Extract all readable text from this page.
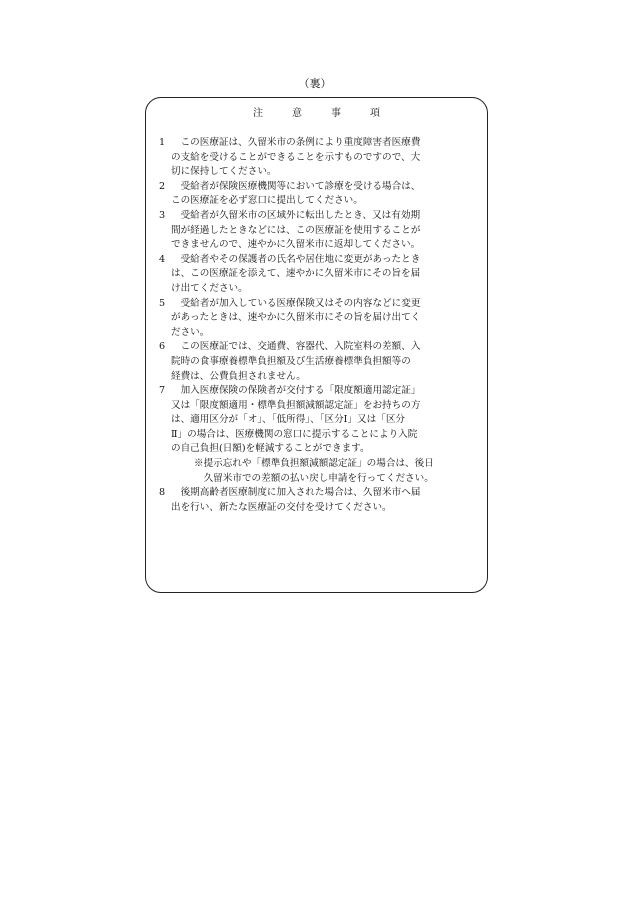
（裏）
注意事項
1	　この医療証は、久留米市の条例により重度障害者医療費
の支給を受けることができることを示すものですので、大
切に保持してください。
2	　受給者が保険医療機関等において診療を受ける場合は、
この医療証を必ず窓口に提出してください。
3	　受給者が久留米市の区域外に転出したとき、又は有効期
間が経過したときなどには、この医療証を使用することが
できませんので、速やかに久留米市に返却してください。
4	　受給者やその保護者の氏名や居住地に変更があったとき
は、この医療証を添えて、速やかに久留米市にその旨を届
け出てください。
5	　受給者が加入している医療保険又はその内容などに変更
があったときは、速やかに久留米市にその旨を届け出てく
ださい。
6	　この医療証では、交通費、容器代、入院室料の差額、入
院時の食事療養標準負担額及び生活療養標準負担額等の
経費は、公費負担されません。
7	　加入医療保険の保険者が交付する「限度額適用認定証」
又は「限度額適用・標準負担額減額認定証」をお持ちの方
は、適用区分が「オ」、「低所得」、「区分Ⅰ」又は「区分
Ⅱ」の場合は、医療機関の窓口に提示することにより入院
の自己負担(日額)を軽減することができます。
※提示忘れや「標準負担額減額認定証」の場合は、後日
　久留米市での差額の払い戻し申請を行ってください。
8	　後期高齢者医療制度に加入された場合は、久留米市へ届
出を行い、新たな医療証の交付を受けてください。
